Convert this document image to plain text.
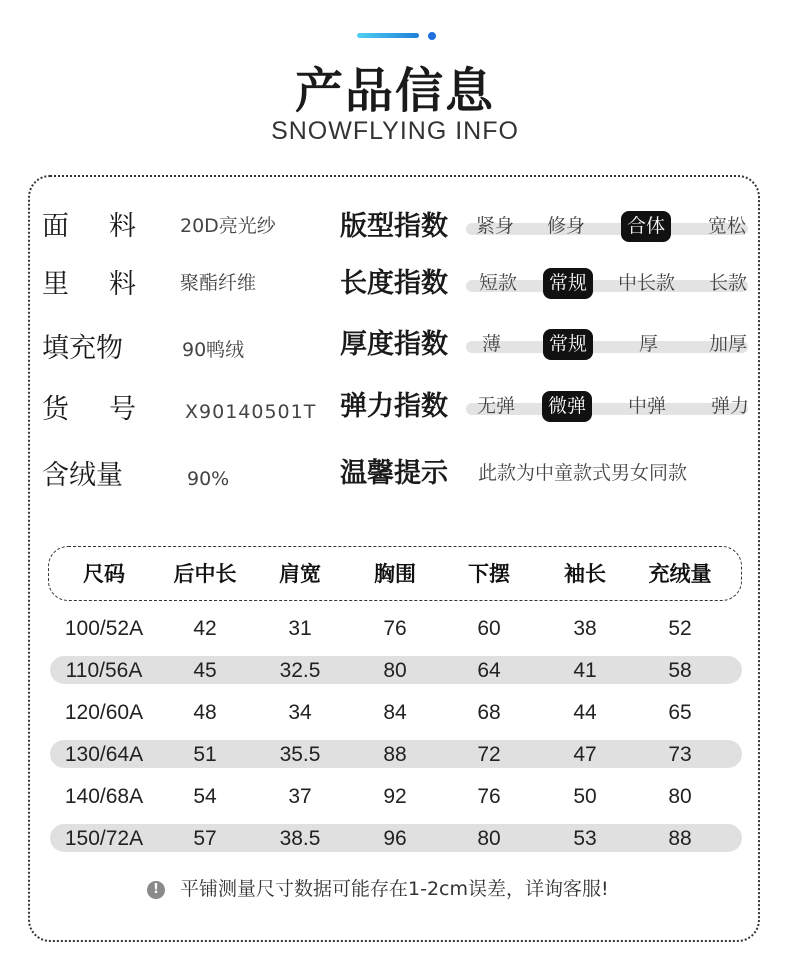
产品信息
SNOWFLYING INFO
面 料 20D亮光纱
里 料 聚酯纤维
填充物	90鸭绒
货 号	X90140501T
含绒量	90%
版型指数 紧身 修身	合体	宽松
长度指数 短款	常规	中长款 长款
厚度指数 薄	常规	厚	加厚
弹力指数 无弹	微弹	中弹 弹力
温馨提示 此款为中童款式男女同款
尺码 后中长 肩宽	胸围 下摆	袖长 充绒量
100/52A 42	31	76	60	38	52
110/56A 45	32.5	80	64	41	58
120/60A 48	34	84	68	44	65
130/64A 51	35.5	88	72	47	73
140/68A 54	37	92	76	50	80
150/72A 57	38.5	96	80	53	88
!	平铺测量尺寸数据可能存在1-2cm误差，详询客服!
